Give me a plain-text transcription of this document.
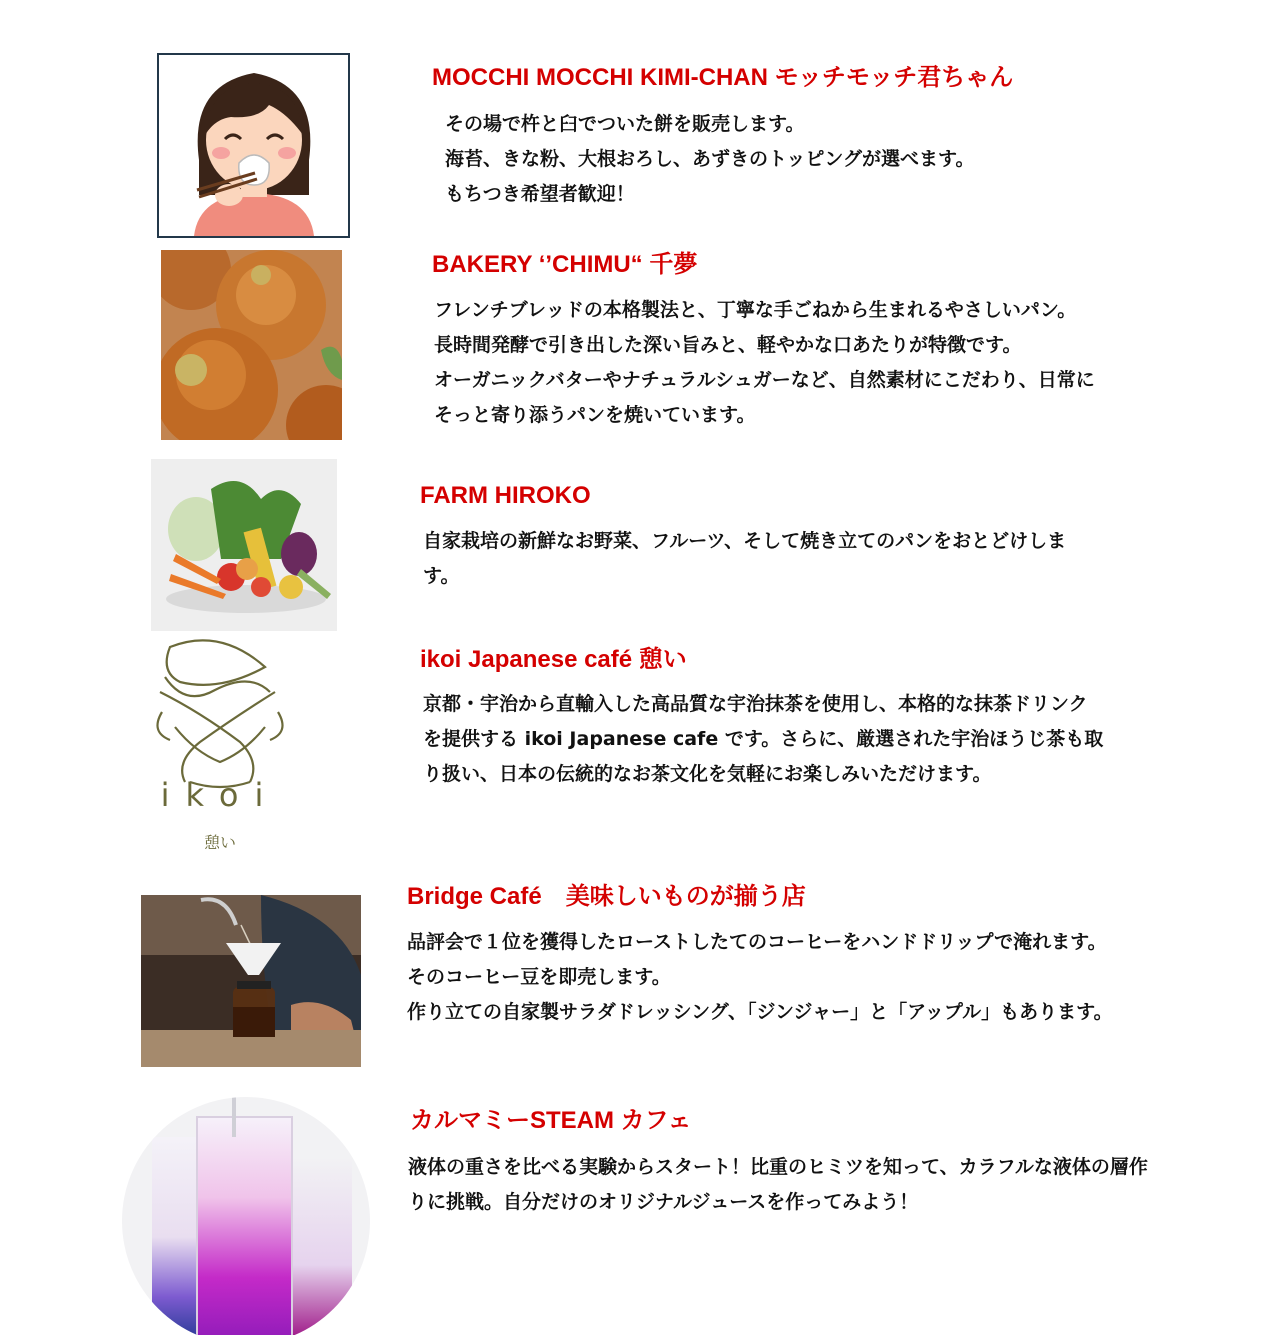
MOCCHI MOCCHI KIMI-CHAN モッチモッチ君ちゃん

その場で杵と臼でついた餅を販売します。
海苔、きな粉、大根おろし、あずきのトッピングが選べます。
もちつき希望者歓迎！

BAKERY ‘’CHIMU“ 千夢

フレンチブレッドの本格製法と、丁寧な手ごねから生まれるやさしいパン。
長時間発酵で引き出した深い旨みと、軽やかな口あたりが特徴です。
オーガニックバターやナチュラルシュガーなど、自然素材にこだわり、日常に
そっと寄り添うパンを焼いています。

FARM HIROKO

自家栽培の新鮮なお野菜、フルーツ、そして焼き立てのパンをおとどけしま
す。

ikoi
憩い
ikoi Japanese café 憩い

京都・宇治から直輸入した高品質な宇治抹茶を使用し、本格的な抹茶ドリンク
を提供する ikoi Japanese cafe です。さらに、厳選された宇治ほうじ茶も取
り扱い、日本の伝統的なお茶文化を気軽にお楽しみいただけます。

Bridge Café　美味しいものが揃う店

品評会で１位を獲得したローストしたてのコーヒーをハンドドリップで淹れます。
そのコーヒー豆を即売します。
作り立ての自家製サラダドレッシング、「ジンジャー」と「アップル」もあります。

カルマミーSTEAM カフェ

液体の重さを比べる実験からスタート！比重のヒミツを知って、カラフルな液体の層作
りに挑戦。自分だけのオリジナルジュースを作ってみよう！
